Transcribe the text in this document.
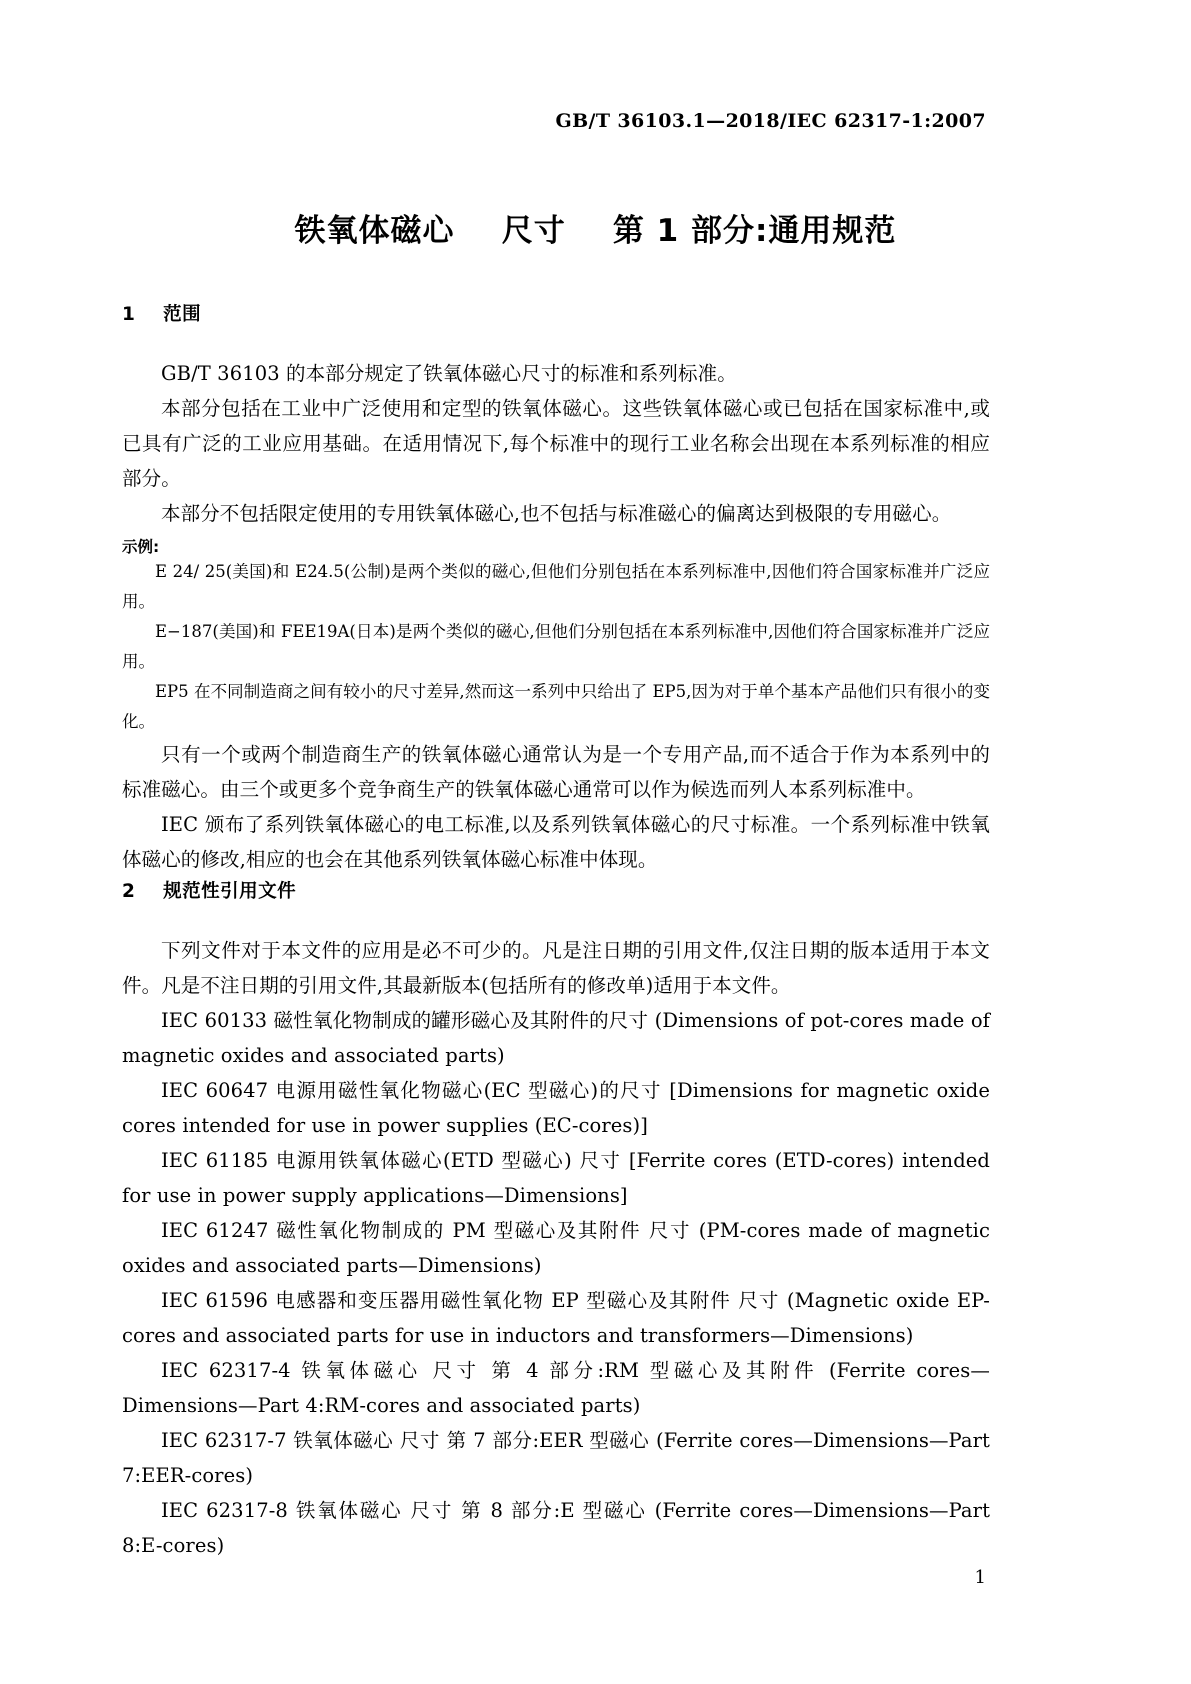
GB/T 36103.1—2018/IEC 62317-1:2007
铁氧体磁心    尺寸    第 1 部分:通用规范
1    范围

GB/T 36103 的本部分规定了铁氧体磁心尺寸的标准和系列标准。

本部分包括在工业中广泛使用和定型的铁氧体磁心。这些铁氧体磁心或已包括在国家标准中,或已具有广泛的工业应用基础。在适用情况下,每个标准中的现行工业名称会出现在本系列标准的相应部分。

本部分不包括限定使用的专用铁氧体磁心,也不包括与标准磁心的偏离达到极限的专用磁心。

示例:

E 24/ 25(美国)和 E24.5(公制)是两个类似的磁心,但他们分别包括在本系列标准中,因他们符合国家标准并广泛应用。

E−187(美国)和 FEE19A(日本)是两个类似的磁心,但他们分别包括在本系列标准中,因他们符合国家标准并广泛应用。

EP5 在不同制造商之间有较小的尺寸差异,然而这一系列中只给出了 EP5,因为对于单个基本产品他们只有很小的变化。

只有一个或两个制造商生产的铁氧体磁心通常认为是一个专用产品,而不适合于作为本系列中的标准磁心。由三个或更多个竞争商生产的铁氧体磁心通常可以作为候选而列人本系列标准中。

IEC 颁布了系列铁氧体磁心的电工标准,以及系列铁氧体磁心的尺寸标准。一个系列标准中铁氧体磁心的修改,相应的也会在其他系列铁氧体磁心标准中体现。

2    规范性引用文件

下列文件对于本文件的应用是必不可少的。凡是注日期的引用文件,仅注日期的版本适用于本文件。凡是不注日期的引用文件,其最新版本(包括所有的修改单)适用于本文件。

IEC 60133 磁性氧化物制成的罐形磁心及其附件的尺寸 (Dimensions of pot-cores made of magnetic oxides and associated parts)

IEC 60647 电源用磁性氧化物磁心(EC 型磁心)的尺寸 [Dimensions for magnetic oxide cores intended for use in power supplies (EC-cores)]

IEC 61185 电源用铁氧体磁心(ETD 型磁心) 尺寸 [Ferrite cores (ETD-cores) intended for use in power supply applications—Dimensions]

IEC 61247 磁性氧化物制成的 PM 型磁心及其附件 尺寸 (PM-cores made of magnetic oxides and associated parts—Dimensions)

IEC 61596 电感器和变压器用磁性氧化物 EP 型磁心及其附件 尺寸 (Magnetic oxide EP-cores and associated parts for use in inductors and transformers—Dimensions)

IEC 62317-4 铁氧体磁心 尺寸 第 4 部分:RM 型磁心及其附件 (Ferrite cores—Dimensions—Part 4:RM-cores and associated parts)

IEC 62317-7 铁氧体磁心 尺寸 第 7 部分:EER 型磁心 (Ferrite cores—Dimensions—Part 7:EER-cores)

IEC 62317-8 铁氧体磁心 尺寸 第 8 部分:E 型磁心 (Ferrite cores—Dimensions—Part 8:E-cores)

1
